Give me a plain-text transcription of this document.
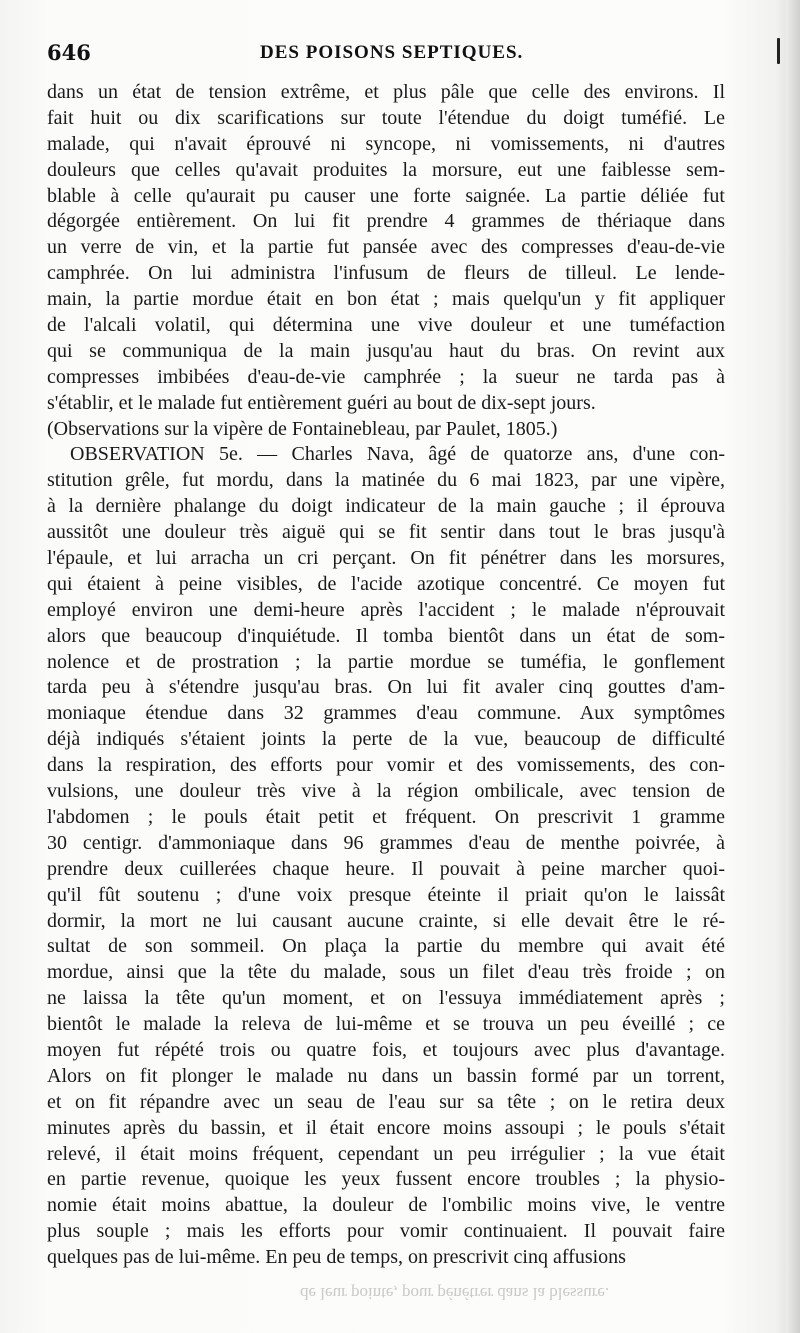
646	DES POISONS SEPTIQUES.
dans un état de tension extrême, et plus pâle que celle des environs. Il
fait huit ou dix scarifications sur toute l'étendue du doigt tuméfié. Le
malade, qui n'avait éprouvé ni syncope, ni vomissements, ni d'autres
douleurs que celles qu'avait produites la morsure, eut une faiblesse sem-
blable à celle qu'aurait pu causer une forte saignée. La partie déliée fut
dégorgée entièrement. On lui fit prendre 4 grammes de thériaque dans
un verre de vin, et la partie fut pansée avec des compresses d'eau-de-vie
camphrée. On lui administra l'infusum de fleurs de tilleul. Le lende-
main, la partie mordue était en bon état ; mais quelqu'un y fit appliquer
de l'alcali volatil, qui détermina une vive douleur et une tuméfaction
qui se communiqua de la main jusqu'au haut du bras. On revint aux
compresses imbibées d'eau-de-vie camphrée ; la sueur ne tarda pas à
s'établir, et le malade fut entièrement guéri au bout de dix-sept jours.
(Observations sur la vipère de Fontainebleau, par Paulet, 1805.)
OBSERVATION 5e. — Charles Nava, âgé de quatorze ans, d'une con-
stitution grêle, fut mordu, dans la matinée du 6 mai 1823, par une vipère,
à la dernière phalange du doigt indicateur de la main gauche ; il éprouva
aussitôt une douleur très aiguë qui se fit sentir dans tout le bras jusqu'à
l'épaule, et lui arracha un cri perçant. On fit pénétrer dans les morsures,
qui étaient à peine visibles, de l'acide azotique concentré. Ce moyen fut
employé environ une demi-heure après l'accident ; le malade n'éprouvait
alors que beaucoup d'inquiétude. Il tomba bientôt dans un état de som-
nolence et de prostration ; la partie mordue se tuméfia, le gonflement
tarda peu à s'étendre jusqu'au bras. On lui fit avaler cinq gouttes d'am-
moniaque étendue dans 32 grammes d'eau commune. Aux symptômes
déjà indiqués s'étaient joints la perte de la vue, beaucoup de difficulté
dans la respiration, des efforts pour vomir et des vomissements, des con-
vulsions, une douleur très vive à la région ombilicale, avec tension de
l'abdomen ; le pouls était petit et fréquent. On prescrivit 1 gramme
30 centigr. d'ammoniaque dans 96 grammes d'eau de menthe poivrée, à
prendre deux cuillerées chaque heure. Il pouvait à peine marcher quoi-
qu'il fût soutenu ; d'une voix presque éteinte il priait qu'on le laissât
dormir, la mort ne lui causant aucune crainte, si elle devait être le ré-
sultat de son sommeil. On plaça la partie du membre qui avait été
mordue, ainsi que la tête du malade, sous un filet d'eau très froide ; on
ne laissa la tête qu'un moment, et on l'essuya immédiatement après ;
bientôt le malade la releva de lui-même et se trouva un peu éveillé ; ce
moyen fut répété trois ou quatre fois, et toujours avec plus d'avantage.
Alors on fit plonger le malade nu dans un bassin formé par un torrent,
et on fit répandre avec un seau de l'eau sur sa tête ; on le retira deux
minutes après du bassin, et il était encore moins assoupi ; le pouls s'était
relevé, il était moins fréquent, cependant un peu irrégulier ; la vue était
en partie revenue, quoique les yeux fussent encore troubles ; la physio-
nomie était moins abattue, la douleur de l'ombilic moins vive, le ventre
plus souple ; mais les efforts pour vomir continuaient. Il pouvait faire
quelques pas de lui-même. En peu de temps, on prescrivit cinq affusions
de leur pointe, pour pénétrer dans la blessure.
